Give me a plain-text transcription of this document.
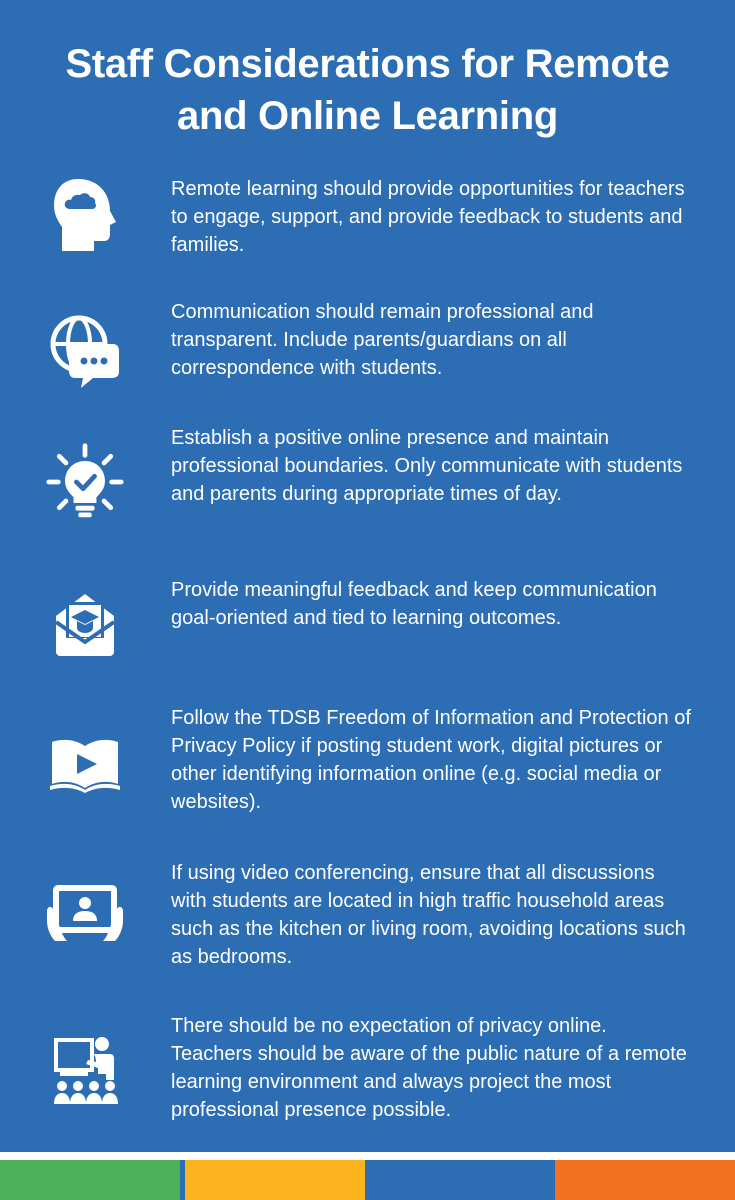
Staff Considerations for Remote
and Online Learning
Remote learning should provide opportunities for teachers to engage, support, and provide feedback to students and families.
Communication should remain professional and transparent. Include parents/guardians on all correspondence with students.
Establish a positive online presence and maintain professional boundaries. Only communicate with students and parents during appropriate times of day.
Provide meaningful feedback and keep communication goal-oriented and tied to learning outcomes.
Follow the TDSB Freedom of Information and Protection of Privacy Policy if posting student work, digital pictures or other identifying information online (e.g. social media or websites).
If using video conferencing, ensure that all discussions with students are located in high traffic household areas such as the kitchen or living room, avoiding locations such as bedrooms.
There should be no expectation of privacy online. Teachers should be aware of the public nature of a remote learning environment and always project the most professional presence possible.
